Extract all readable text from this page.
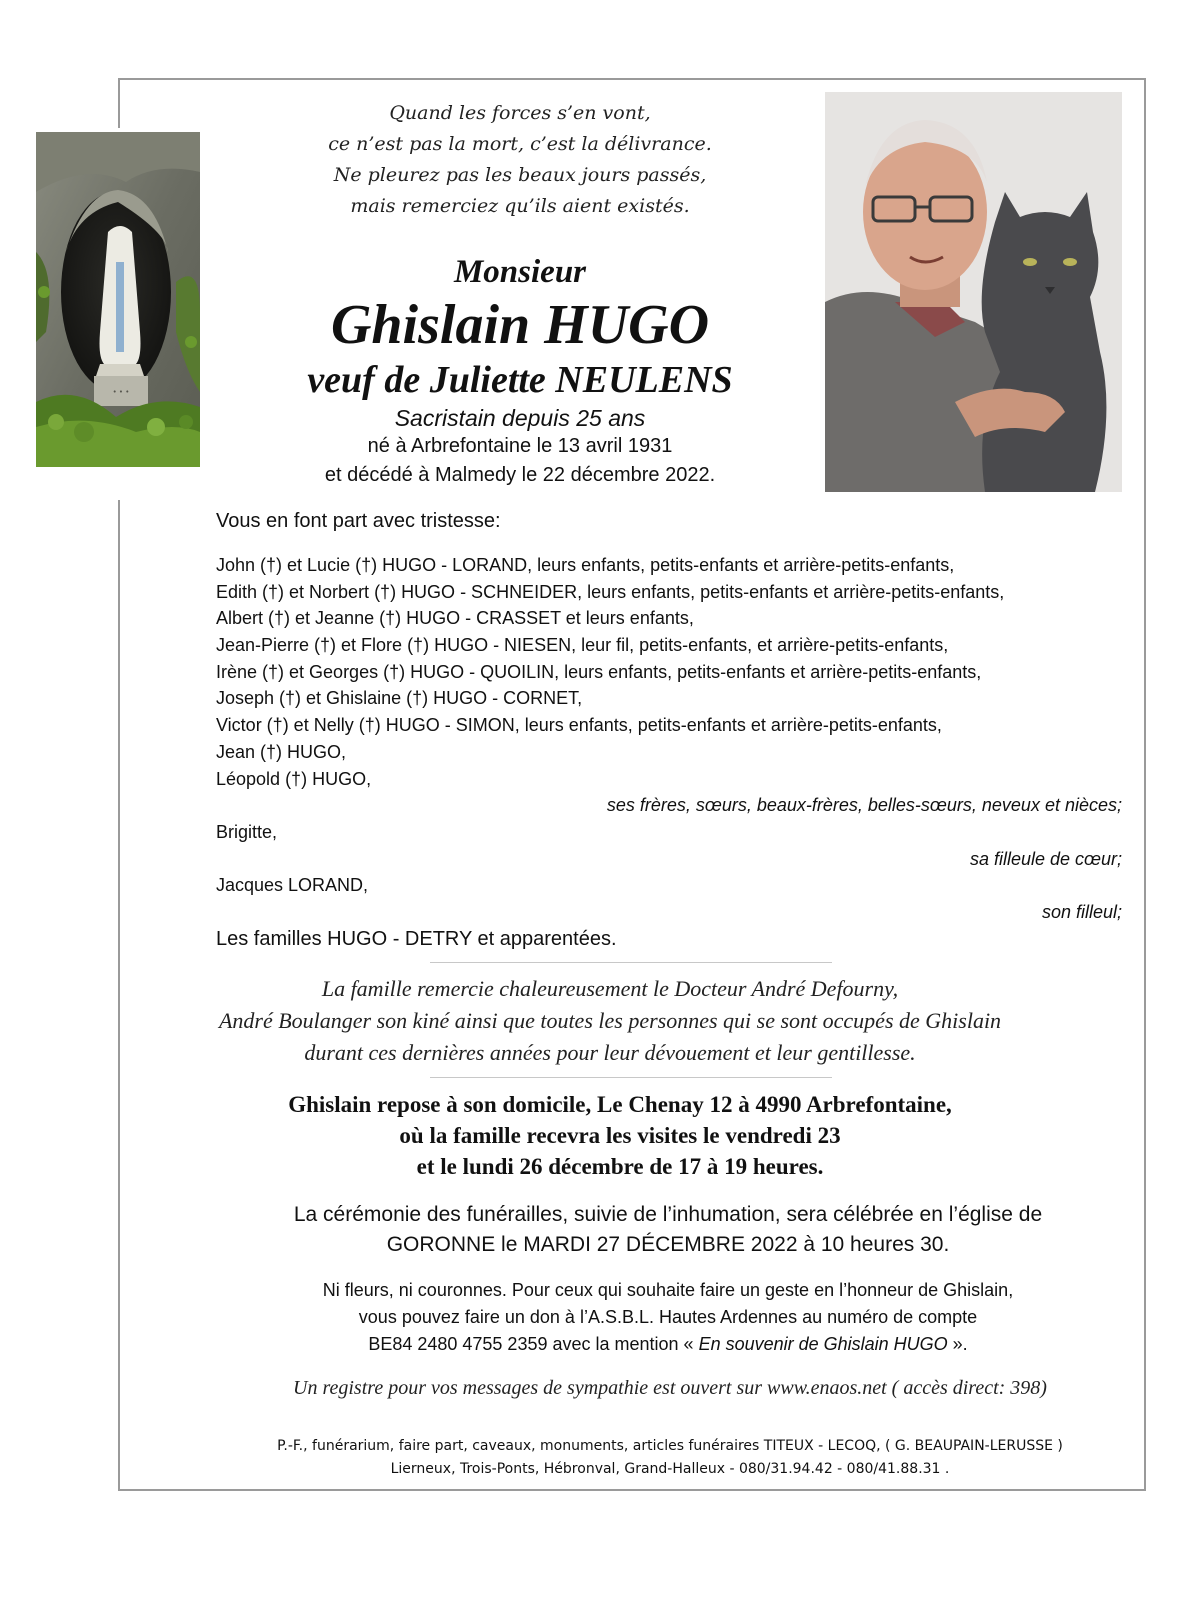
• • •
Quand les forces s’en vont,
ce n’est pas la mort, c’est la délivrance.
Ne pleurez pas les beaux jours passés,
mais remerciez qu’ils aient existés.
Monsieur
Ghislain HUGO
veuf de Juliette NEULENS
Sacristain depuis 25 ans
né à Arbrefontaine le 13 avril 1931
et décédé à Malmedy le 22 décembre 2022.
Vous en font part avec tristesse:
John (†) et Lucie (†) HUGO - LORAND, leurs enfants, petits-enfants et arrière-petits-enfants,
Edith (†) et Norbert (†) HUGO - SCHNEIDER, leurs enfants, petits-enfants et arrière-petits-enfants,
Albert (†) et Jeanne (†) HUGO - CRASSET et leurs enfants,
Jean-Pierre (†) et Flore (†) HUGO - NIESEN, leur fil, petits-enfants, et arrière-petits-enfants,
Irène (†) et Georges (†) HUGO - QUOILIN, leurs enfants, petits-enfants et arrière-petits-enfants,
Joseph (†) et Ghislaine (†) HUGO - CORNET,
Victor (†) et Nelly (†) HUGO - SIMON, leurs enfants, petits-enfants et arrière-petits-enfants,
Jean (†) HUGO,
Léopold (†) HUGO,
ses frères, sœurs, beaux-frères, belles-sœurs, neveux et nièces;
Brigitte,
sa filleule de cœur;
Jacques LORAND,
son filleul;
Les familles HUGO - DETRY et apparentées.
La famille remercie chaleureusement le Docteur André Defourny,
André Boulanger son kiné ainsi que toutes les personnes qui se sont occupés de Ghislain
durant ces dernières années pour leur dévouement et leur gentillesse.
Ghislain repose à son domicile, Le Chenay 12 à 4990 Arbrefontaine,
où la famille recevra les visites le vendredi 23
et le lundi 26 décembre de 17 à 19 heures.
La cérémonie des funérailles, suivie de l’inhumation, sera célébrée en l’église de
GORONNE le MARDI 27 DÉCEMBRE 2022 à 10 heures 30.
Ni fleurs, ni couronnes. Pour ceux qui souhaite faire un geste en l’honneur de Ghislain,
vous pouvez faire un don à l’A.S.B.L. Hautes Ardennes au numéro de compte
BE84 2480 4755 2359 avec la mention « En souvenir de Ghislain HUGO ».
Un registre pour vos messages de sympathie est ouvert sur www.enaos.net ( accès direct: 398)
P.-F., funérarium, faire part, caveaux, monuments, articles funéraires TITEUX - LECOQ, ( G. BEAUPAIN-LERUSSE )
Lierneux, Trois-Ponts, Hébronval, Grand-Halleux - 080/31.94.42 - 080/41.88.31 .
